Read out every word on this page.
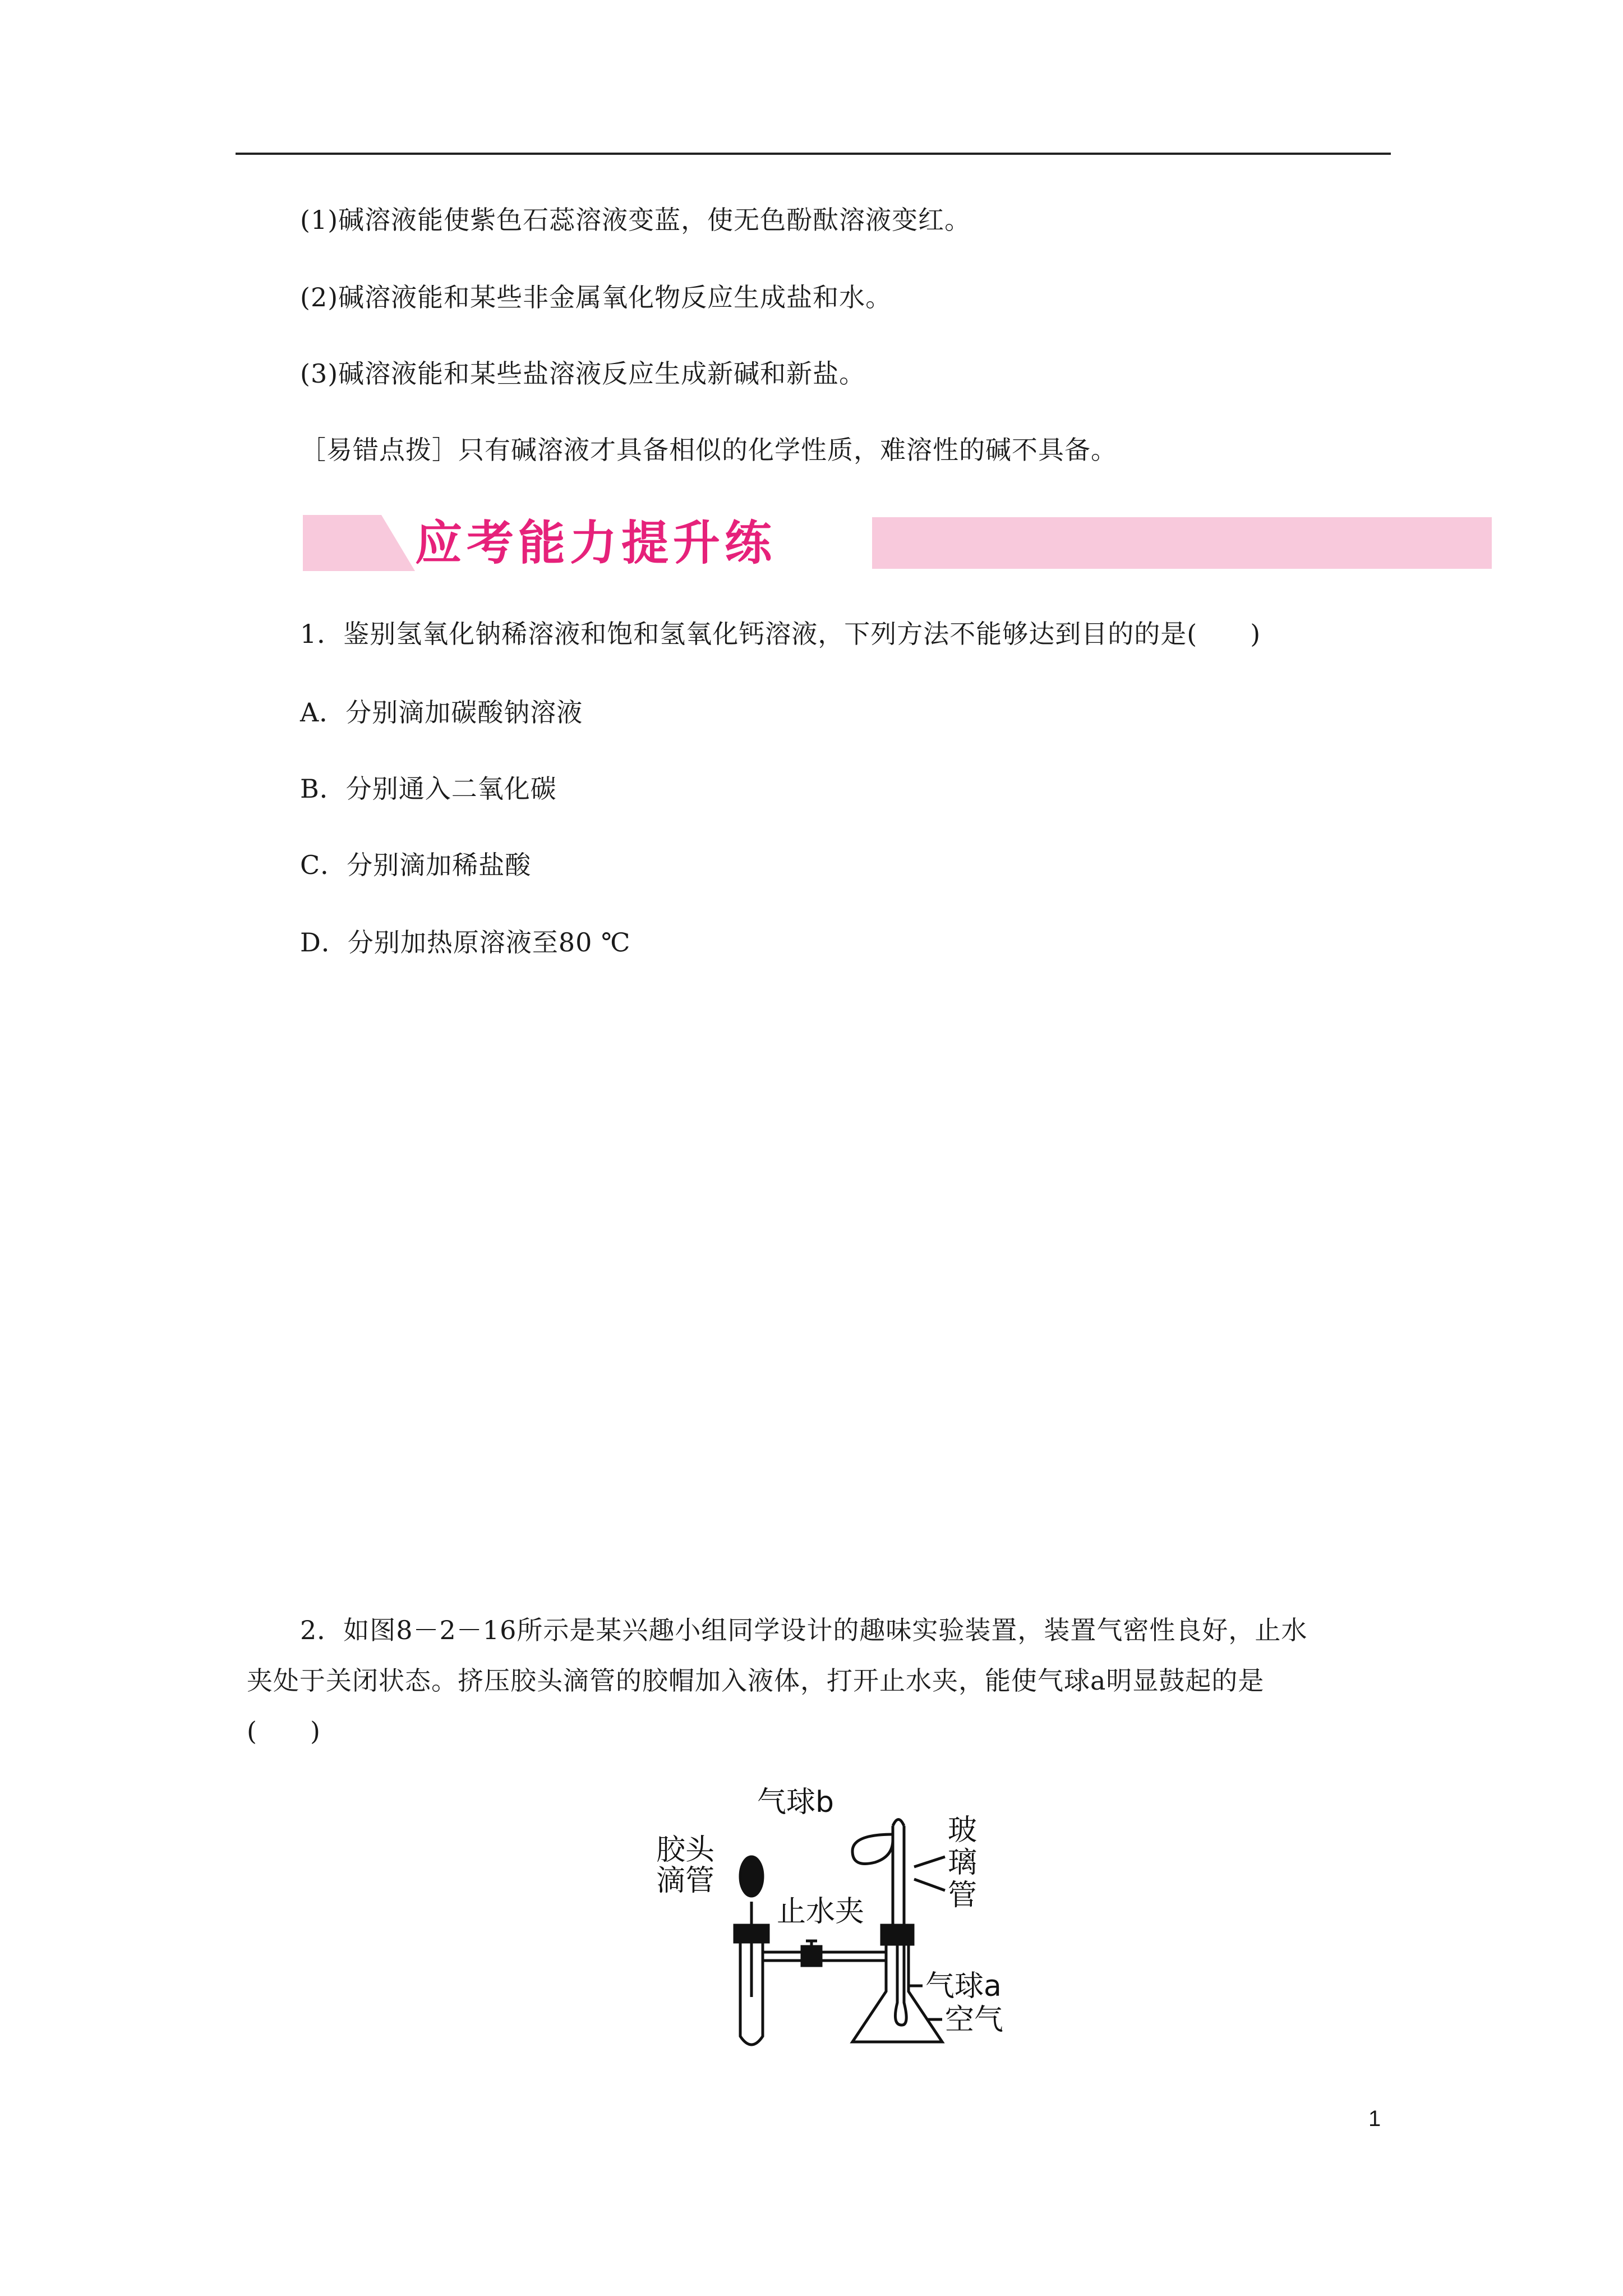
(1)碱溶液能使紫色石蕊溶液变蓝，使无色酚酞溶液变红。
(2)碱溶液能和某些非金属氧化物反应生成盐和水。
(3)碱溶液能和某些盐溶液反应生成新碱和新盐。
［易错点拨］只有碱溶液才具备相似的化学性质，难溶性的碱不具备。
应考能力提升练
1．鉴别氢氧化钠稀溶液和饱和氢氧化钙溶液，下列方法不能够达到目的的是(　　)
A．分别滴加碳酸钠溶液
B．分别通入二氧化碳
C．分别滴加稀盐酸
D．分别加热原溶液至80 ℃
2．如图8－2－16所示是某兴趣小组同学设计的趣味实验装置，装置气密性良好，止水
夹处于关闭状态。挤压胶头滴管的胶帽加入液体，打开止水夹，能使气球a明显鼓起的是
(　　)
气球b
胶头
滴管
止水夹
玻
璃
管
气球a
空气
1
